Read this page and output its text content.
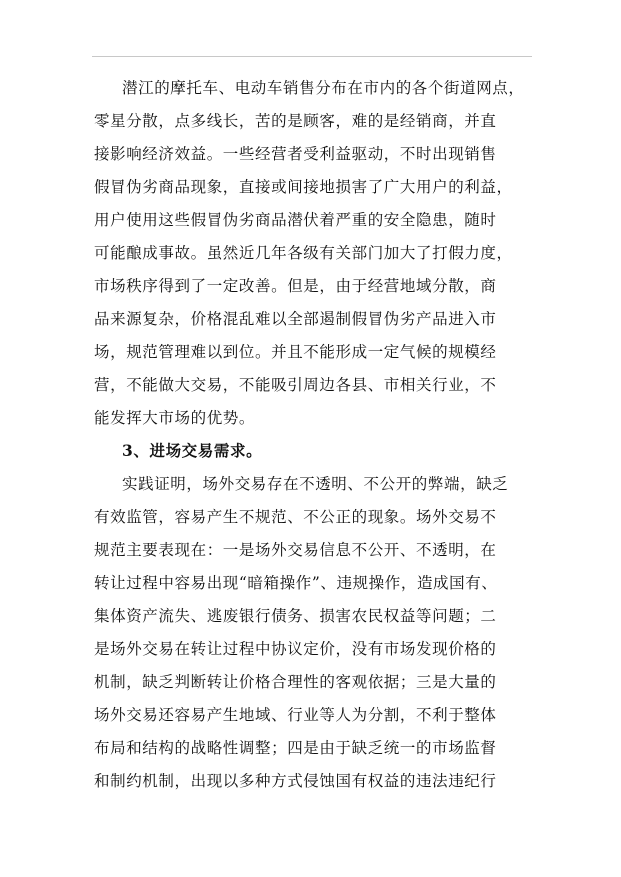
潜江的摩托车、电动车销售分布在市内的各个街道网点，
零星分散，点多线长，苦的是顾客，难的是经销商，并直
接影响经济效益。一些经营者受利益驱动，不时出现销售
假冒伪劣商品现象，直接或间接地损害了广大用户的利益，
用户使用这些假冒伪劣商品潜伏着严重的安全隐患，随时
可能酿成事故。虽然近几年各级有关部门加大了打假力度，
市场秩序得到了一定改善。但是，由于经营地域分散，商
品来源复杂，价格混乱难以全部遏制假冒伪劣产品进入市
场，规范管理难以到位。并且不能形成一定气候的规模经
营，不能做大交易，不能吸引周边各县、市相关行业，不
能发挥大市场的优势。
3、进场交易需求。
实践证明，场外交易存在不透明、不公开的弊端，缺乏
有效监管，容易产生不规范、不公正的现象。场外交易不
规范主要表现在：一是场外交易信息不公开、不透明，在
转让过程中容易出现“暗箱操作”、违规操作，造成国有、
集体资产流失、逃废银行债务、损害农民权益等问题；二
是场外交易在转让过程中协议定价，没有市场发现价格的
机制，缺乏判断转让价格合理性的客观依据；三是大量的
场外交易还容易产生地域、行业等人为分割，不利于整体
布局和结构的战略性调整；四是由于缺乏统一的市场监督
和制约机制，出现以多种方式侵蚀国有权益的违法违纪行
